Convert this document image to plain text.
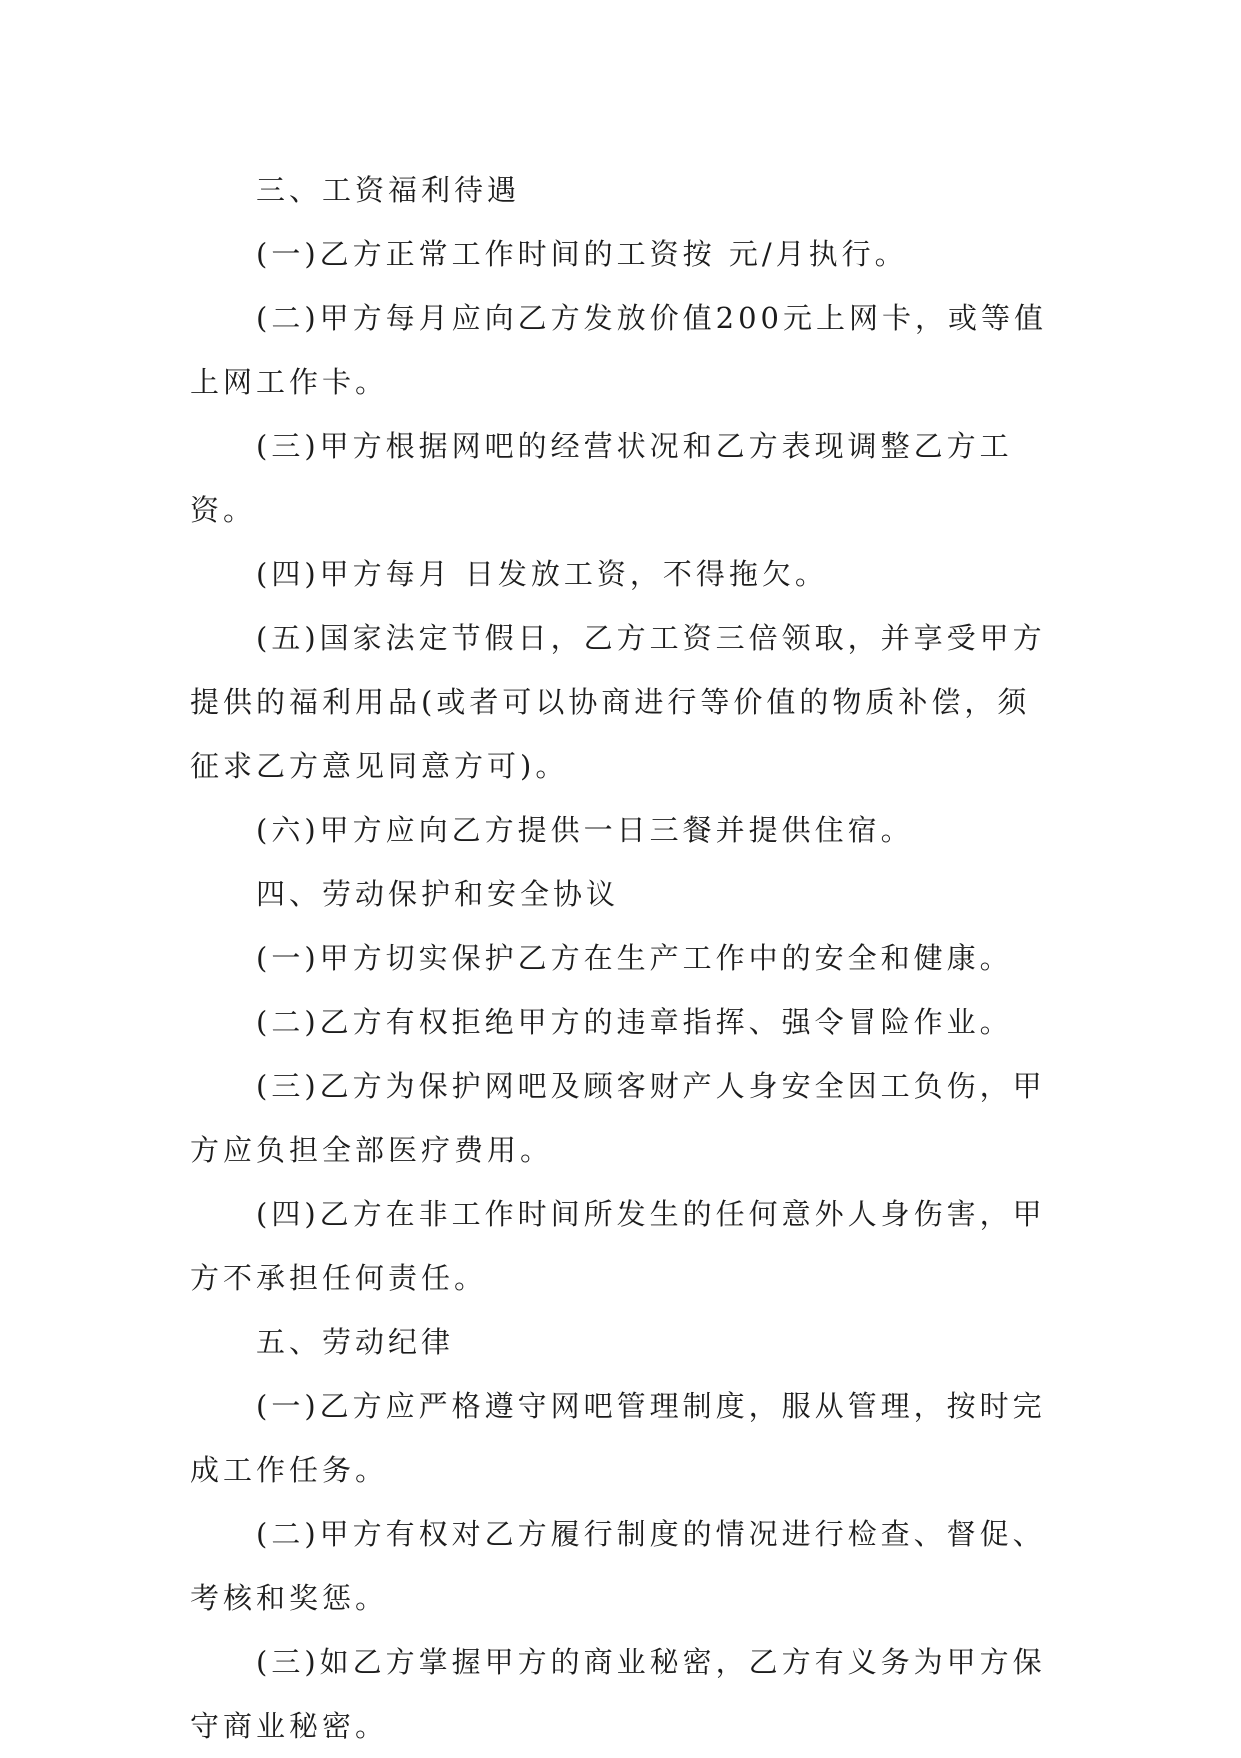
三、工资福利待遇

(一)乙方正常工作时间的工资按 元/月执行。

(二)甲方每月应向乙方发放价值200元上网卡，或等值上网工作卡。

(三)甲方根据网吧的经营状况和乙方表现调整乙方工资。

(四)甲方每月 日发放工资，不得拖欠。

(五)国家法定节假日，乙方工资三倍领取，并享受甲方提供的福利用品(或者可以协商进行等价值的物质补偿，须征求乙方意见同意方可)。

(六)甲方应向乙方提供一日三餐并提供住宿。

四、劳动保护和安全协议

(一)甲方切实保护乙方在生产工作中的安全和健康。

(二)乙方有权拒绝甲方的违章指挥、强令冒险作业。

(三)乙方为保护网吧及顾客财产人身安全因工负伤，甲方应负担全部医疗费用。

(四)乙方在非工作时间所发生的任何意外人身伤害，甲方不承担任何责任。

五、劳动纪律

(一)乙方应严格遵守网吧管理制度，服从管理，按时完成工作任务。

(二)甲方有权对乙方履行制度的情况进行检查、督促、考核和奖惩。

(三)如乙方掌握甲方的商业秘密，乙方有义务为甲方保守商业秘密。
